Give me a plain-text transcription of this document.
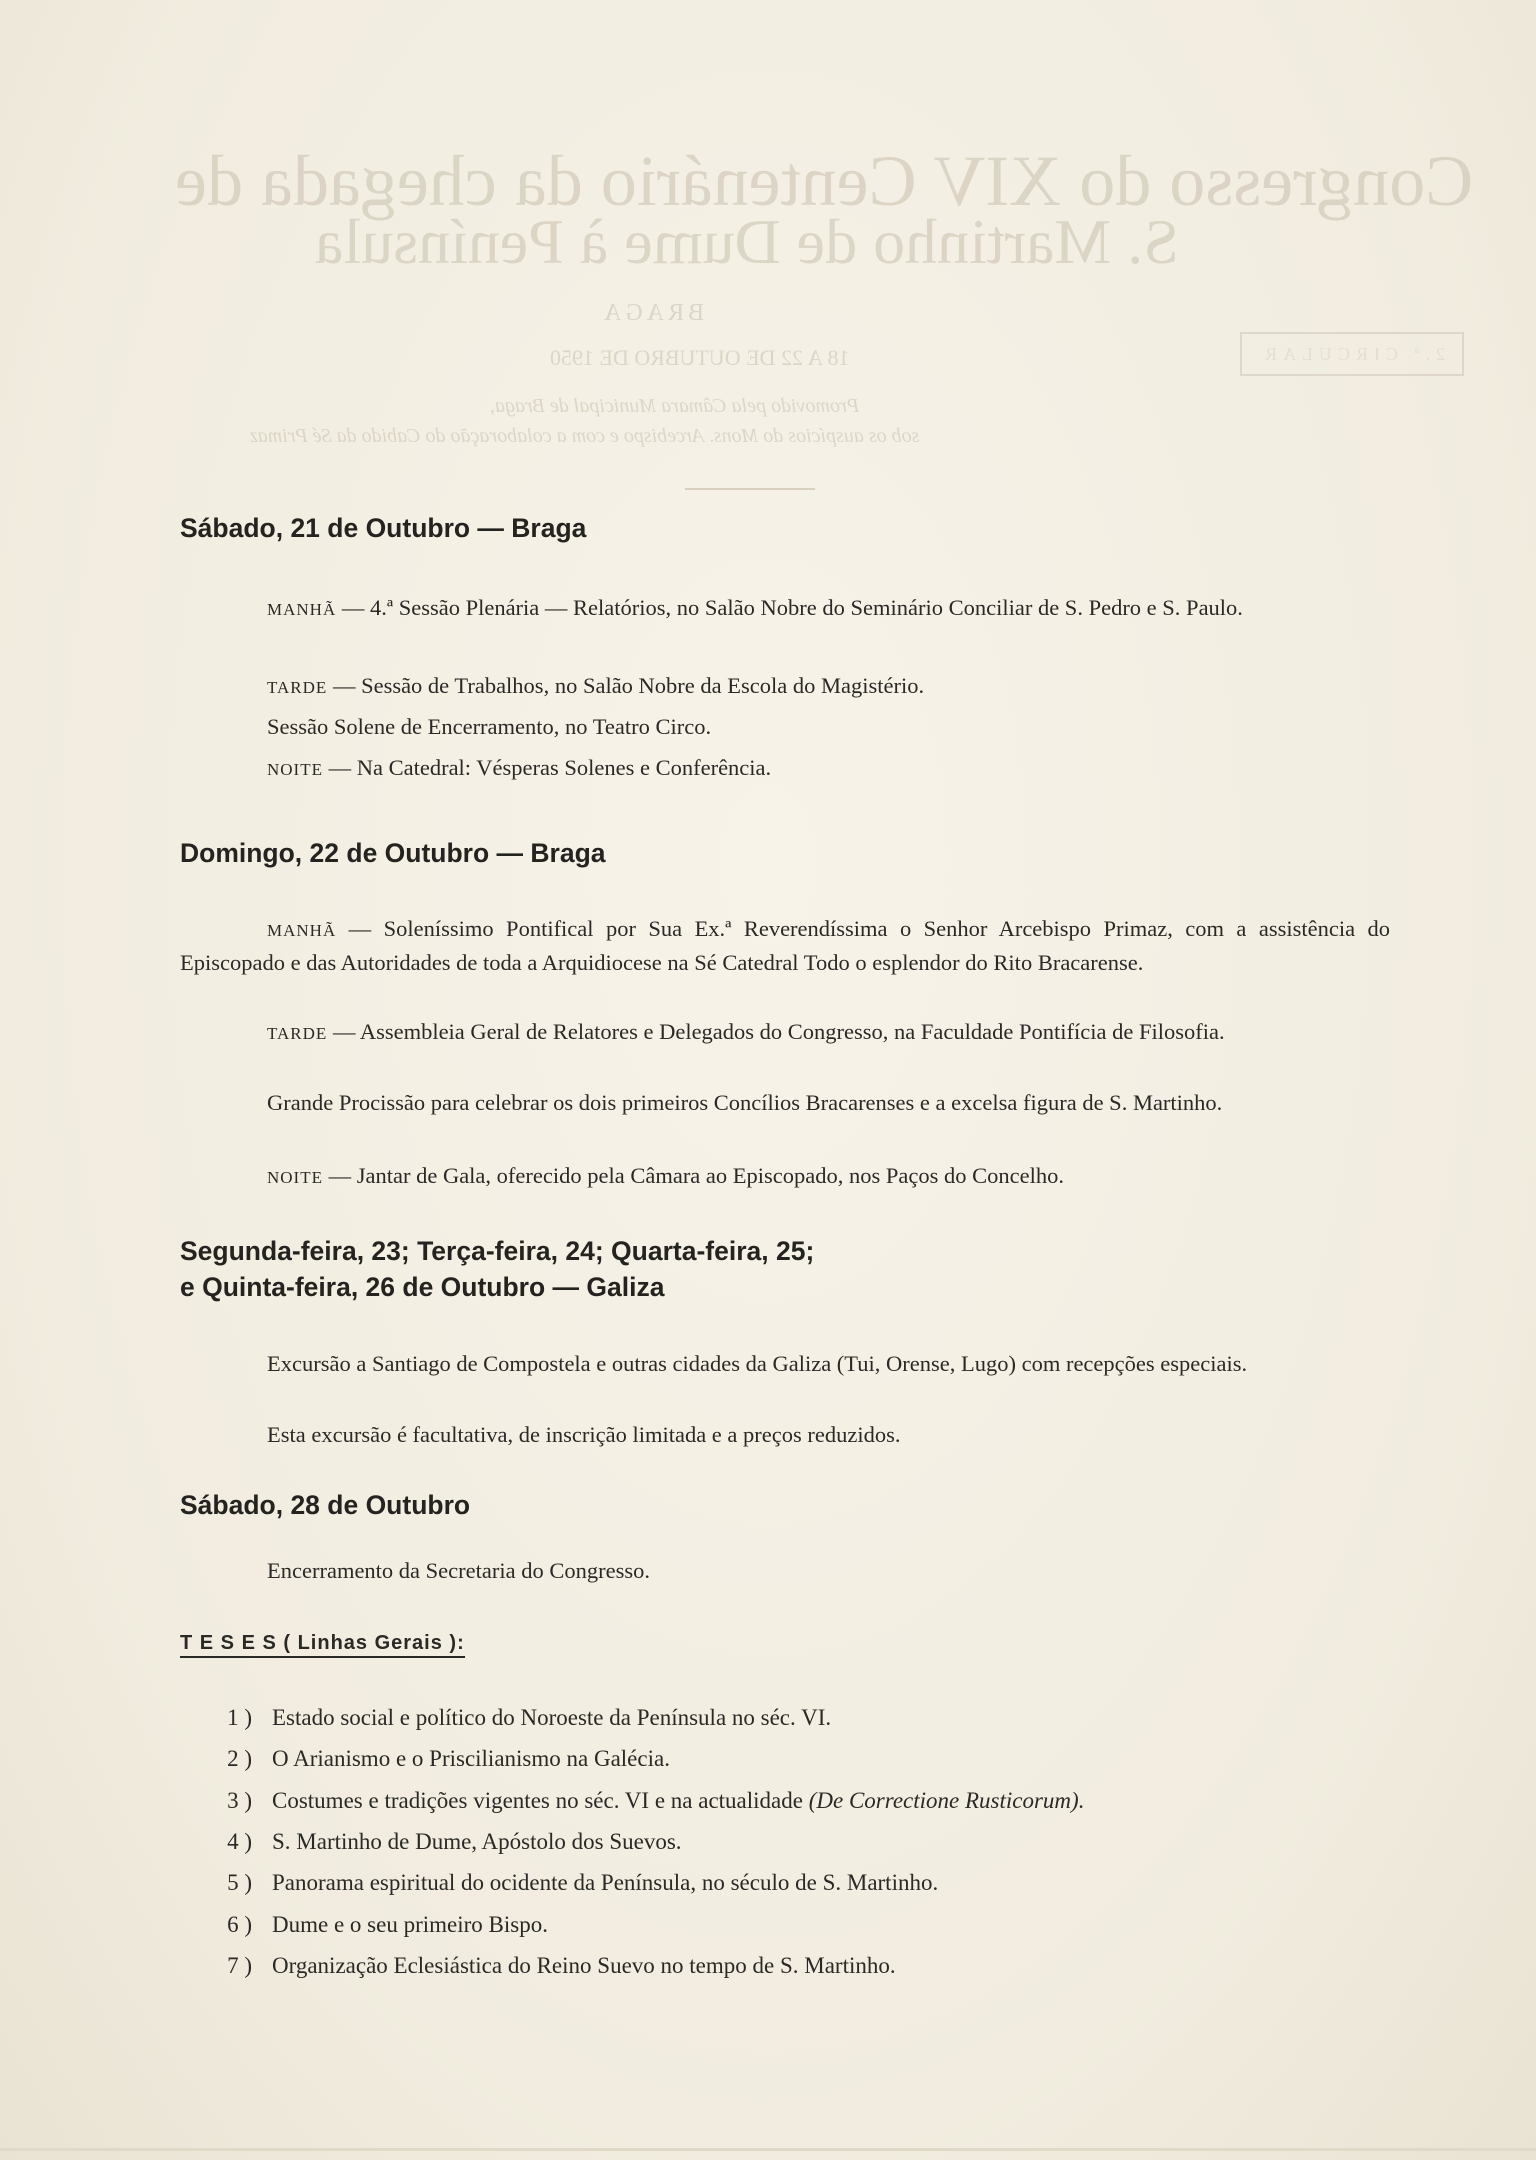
Congresso do XIV Centenário da chegada de
S. Martinho de Dume à Península
BRAGA
18 A 22 DE OUTUBRO DE 1950
Promovido pela Câmara Municipal de Braga,
sob os auspícios do Mons. Arcebispo e com a colaboração do Cabido da Sé Primaz
2.ª CIRCULAR
Sábado, 21 de Outubro — Braga
MANHÃ — 4.ª Sessão Plenária — Relatórios, no Salão Nobre do Seminário Conciliar de S. Pedro e S. Paulo.
TARDE — Sessão de Trabalhos, no Salão Nobre da Escola do Magistério.
Sessão Solene de Encerramento, no Teatro Circo.
NOITE — Na Catedral: Vésperas Solenes e Conferência.
Domingo, 22 de Outubro — Braga
MANHÃ — Soleníssimo Pontifical por Sua Ex.ª Reverendíssima o Senhor Arcebispo Primaz, com a assistência do Episcopado e das Autoridades de toda a Arquidiocese na Sé Catedral Todo o esplendor do Rito Bracarense.
TARDE — Assembleia Geral de Relatores e Delegados do Congresso, na Faculdade Pontifícia de Filosofia.
Grande Procissão para celebrar os dois primeiros Concílios Bracarenses e a excelsa figura de S. Martinho.
NOITE — Jantar de Gala, oferecido pela Câmara ao Episcopado, nos Paços do Concelho.
Segunda-feira, 23; Terça-feira, 24; Quarta-feira, 25;
e Quinta-feira, 26 de Outubro — Galiza
Excursão a Santiago de Compostela e outras cidades da Galiza (Tui, Orense, Lugo) com recepções especiais.
Esta excursão é facultativa, de inscrição limitada e a preços reduzidos.
Sábado, 28 de Outubro
Encerramento da Secretaria do Congresso.
T E S E S ( Linhas Gerais ):
1 ) Estado social e político do Noroeste da Península no séc. VI.
2 ) O Arianismo e o Priscilianismo na Galécia.
3 ) Costumes e tradições vigentes no séc. VI e na actualidade (De Correctione Rusticorum).
4 ) S. Martinho de Dume, Apóstolo dos Suevos.
5 ) Panorama espiritual do ocidente da Península, no século de S. Martinho.
6 ) Dume e o seu primeiro Bispo.
7 ) Organização Eclesiástica do Reino Suevo no tempo de S. Martinho.
